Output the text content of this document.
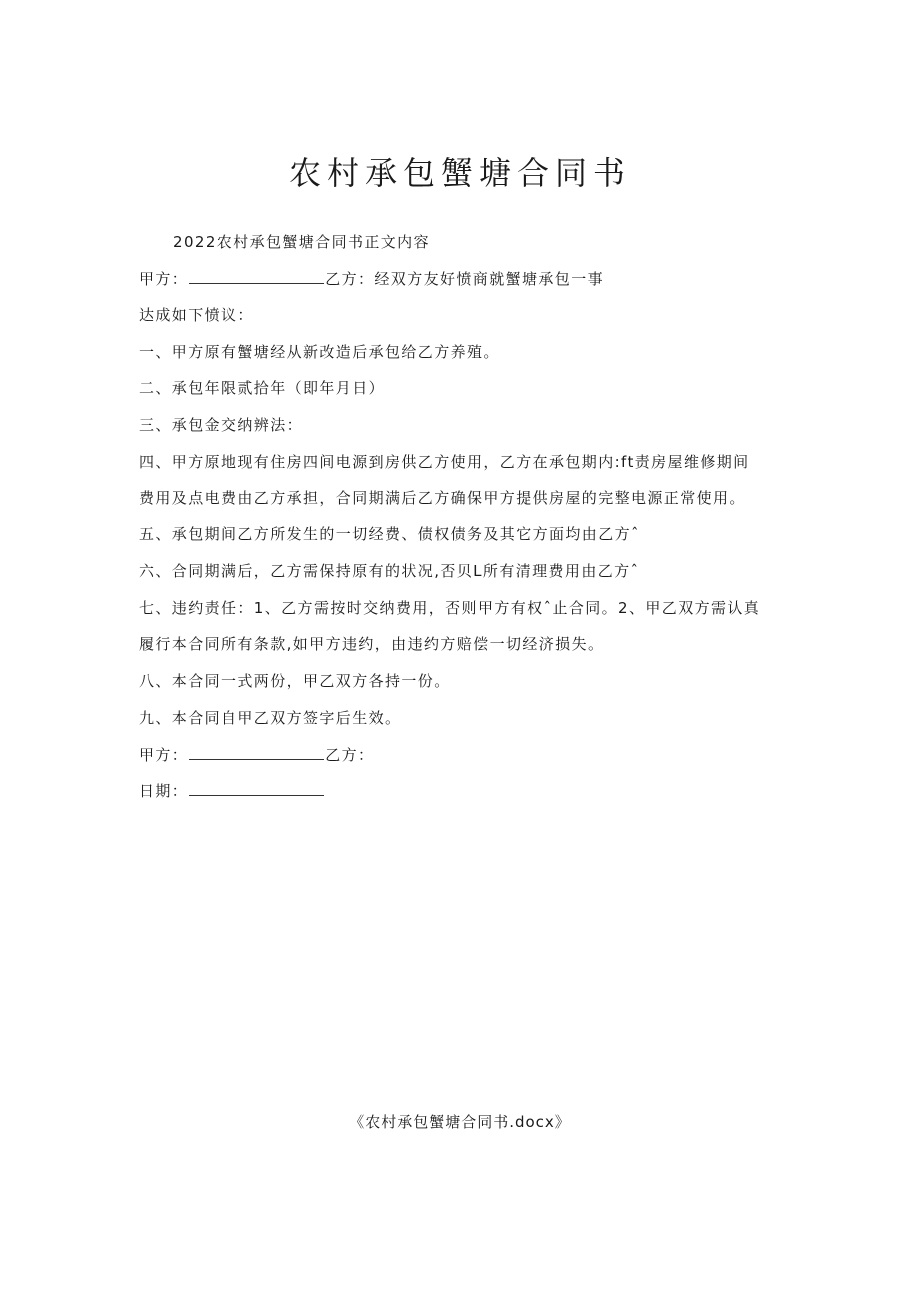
农村承包蟹塘合同书
2022农村承包蟹塘合同书正文内容
甲方：	乙方：经双方友好愤商就蟹塘承包一事
达成如下愤议：
一、甲方原有蟹塘经从新改造后承包给乙方养殖。
二、承包年限贰拾年（即年月日）
三、承包金交纳辨法：
四、甲方原地现有住房四间电源到房供乙方使用，乙方在承包期内:ft责房屋维修期间
费用及点电费由乙方承担，合同期满后乙方确保甲方提供房屋的完整电源正常使用。
五、承包期间乙方所发生的一切经费、债权债务及其它方面均由乙方ˆ
六、合同期满后，乙方需保持原有的状况,否贝L所有清理费用由乙方ˆ
七、违约责任：1、乙方需按时交纳费用，否则甲方有权ˆ止合同。2、甲乙双方需认真
履行本合同所有条款,如甲方违约，由违约方赔偿一切经济损失。
八、本合同一式两份，甲乙双方各持一份。
九、本合同自甲乙双方签字后生效。
甲方：	乙方：
日期：
《农村承包蟹塘合同书.docx》
